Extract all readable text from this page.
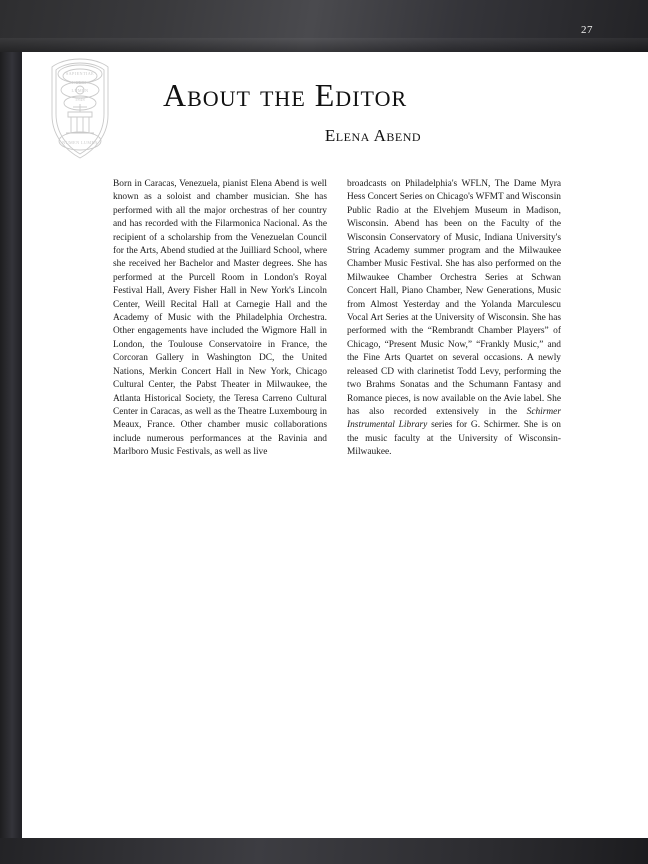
27
SAPIENTIAE
DULCE
LUMEN
1848
NUMEN LUMEN
About the Editor
Elena Abend

Born in Caracas, Venezuela, pianist Elena Abend is well known as a soloist and chamber musician. She has performed with all the major orchestras of her country and has recorded with the Filarmonica Nacional. As the recipient of a scholarship from the Venezuelan Council for the Arts, Abend studied at the Juilliard School, where she received her Bachelor and Master degrees. She has performed at the Purcell Room in London's Royal Festival Hall, Avery Fisher Hall in New York's Lincoln Center, Weill Recital Hall at Carnegie Hall and the Academy of Music with the Philadelphia Orchestra. Other engagements have included the Wigmore Hall in London, the Toulouse Conservatoire in France, the Corcoran Gallery in Washington DC, the United Nations, Merkin Concert Hall in New York, Chicago Cultural Center, the Pabst Theater in Milwaukee, the Atlanta Historical Society, the Teresa Carreno Cultural Center in Caracas, as well as the Theatre Luxembourg in Meaux, France. Other chamber music collaborations include numerous performances at the Ravinia and Marlboro Music Festivals, as well as live

broadcasts on Philadelphia's WFLN, The Dame Myra Hess Concert Series on Chicago's WFMT and Wisconsin Public Radio at the Elvehjem Museum in Madison, Wisconsin. Abend has been on the Faculty of the Wisconsin Conservatory of Music, Indiana University's String Academy summer program and the Milwaukee Chamber Music Festival. She has also performed on the Milwaukee Chamber Orchestra Series at Schwan Concert Hall, Piano Chamber, New Generations, Music from Almost Yesterday and the Yolanda Marculescu Vocal Art Series at the University of Wisconsin. She has performed with the “Rembrandt Chamber Players” of Chicago, “Present Music Now,” “Frankly Music,” and the Fine Arts Quartet on several occasions. A newly released CD with clarinetist Todd Levy, performing the two Brahms Sonatas and the Schumann Fantasy and Romance pieces, is now available on the Avie label. She has also recorded extensively in the Schirmer Instrumental Library series for G. Schirmer. She is on the music faculty at the University of Wisconsin-Milwaukee.
